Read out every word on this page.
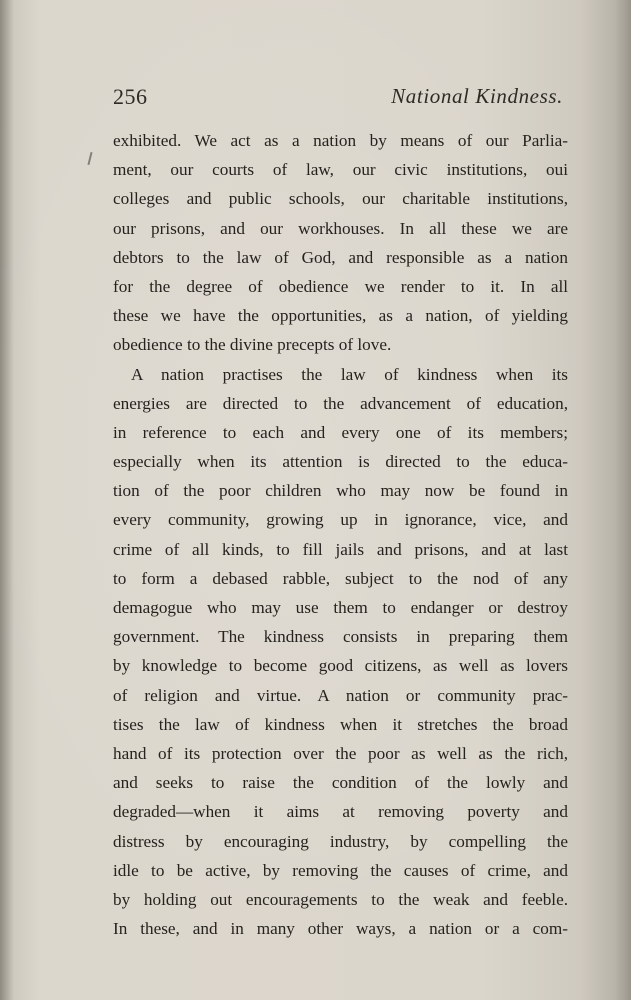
256	National Kindness.
exhibited. We act as a nation by means of our Parlia-
ment, our courts of law, our civic institutions, oui
colleges and public schools, our charitable institutions,
our prisons, and our workhouses. In all these we are
debtors to the law of God, and responsible as a nation
for the degree of obedience we render to it. In all
these we have the opportunities, as a nation, of yielding
obedience to the divine precepts of love.
A nation practises the law of kindness when its
energies are directed to the advancement of education,
in reference to each and every one of its members;
especially when its attention is directed to the educa-
tion of the poor children who may now be found in
every community, growing up in ignorance, vice, and
crime of all kinds, to fill jails and prisons, and at last
to form a debased rabble, subject to the nod of any
demagogue who may use them to endanger or destroy
government. The kindness consists in preparing them
by knowledge to become good citizens, as well as lovers
of religion and virtue. A nation or community prac-
tises the law of kindness when it stretches the broad
hand of its protection over the poor as well as the rich,
and seeks to raise the condition of the lowly and
degraded—when it aims at removing poverty and
distress by encouraging industry, by compelling the
idle to be active, by removing the causes of crime, and
by holding out encouragements to the weak and feeble.
In these, and in many other ways, a nation or a com-
